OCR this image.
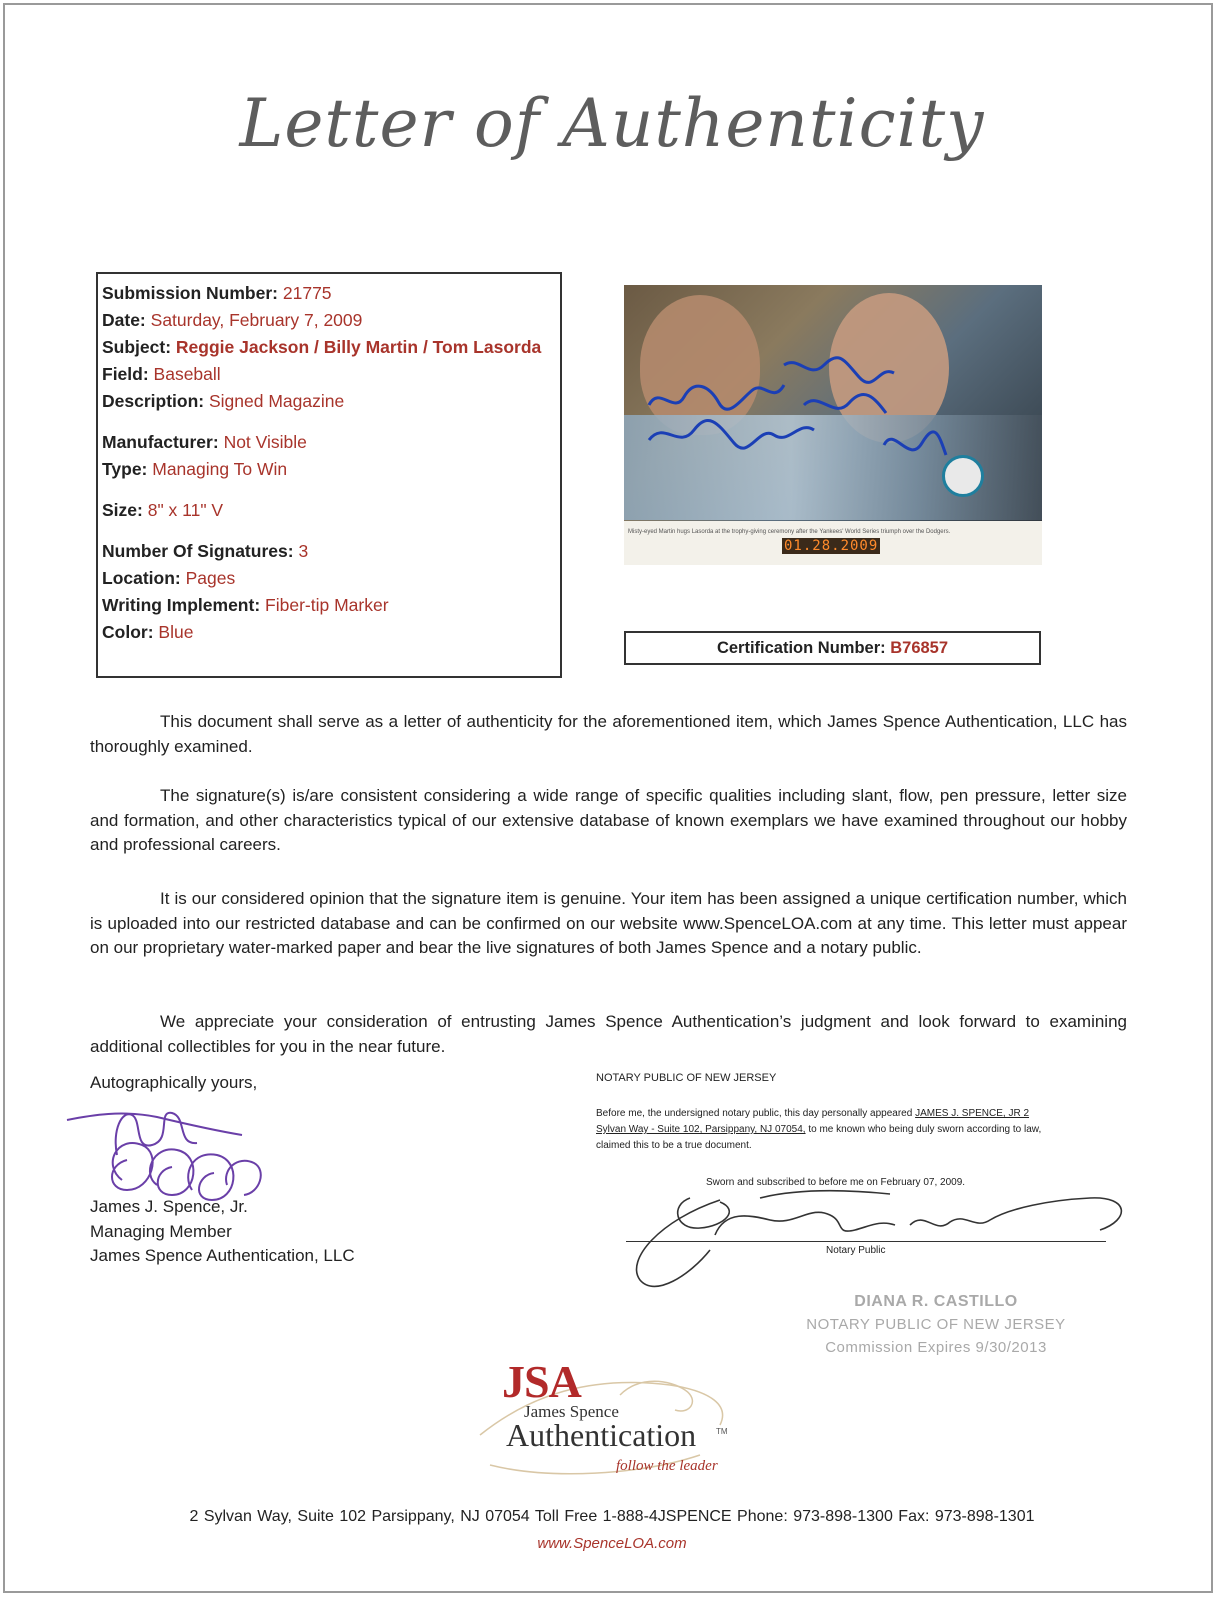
Letter of Authenticity
Submission Number: 21775
Date: Saturday, February 7, 2009
Subject: Reggie Jackson / Billy Martin / Tom Lasorda
Field: Baseball
Description: Signed Magazine
Manufacturer: Not Visible
Type: Managing To Win
Size: 8" x 11" V
Number Of Signatures: 3
Location: Pages
Writing Implement: Fiber-tip Marker
Color: Blue
Misty-eyed Martin hugs Lasorda at the trophy-giving ceremony after the Yankees' World Series triumph over the Dodgers.
01.28.2009
Certification Number: B76857
This document shall serve as a letter of authenticity for the aforementioned item, which James Spence Authentication, LLC has thoroughly examined.
The signature(s) is/are consistent considering a wide range of specific qualities including slant, flow, pen pressure, letter size and formation, and other characteristics typical of our extensive database of known exemplars we have examined throughout our hobby and professional careers.
It is our considered opinion that the signature item is genuine. Your item has been assigned a unique certification number, which is uploaded into our restricted database and can be confirmed on our website www.SpenceLOA.com at any time. This letter must appear on our proprietary water-marked paper and bear the live signatures of both James Spence and a notary public.
We appreciate your consideration of entrusting James Spence Authentication’s judgment and look forward to examining additional collectibles for you in the near future.
Autographically yours,
James J. Spence, Jr.
Managing Member
James Spence Authentication, LLC
NOTARY PUBLIC OF NEW JERSEY
Before me, the undersigned notary public, this day personally appeared JAMES J. SPENCE, JR 2 Sylvan Way - Suite 102, Parsippany, NJ 07054, to me known who being duly sworn according to law, claimed this to be a true document.
Sworn and subscribed to before me on February 07, 2009.
Notary Public
DIANA R. CASTILLO
NOTARY PUBLIC OF NEW JERSEY
Commission Expires 9/30/2013
JSA
James Spence
Authentication TM
follow the leader
2 Sylvan Way, Suite 102 Parsippany, NJ 07054 Toll Free 1-888-4JSPENCE Phone: 973-898-1300 Fax: 973-898-1301
www.SpenceLOA.com
